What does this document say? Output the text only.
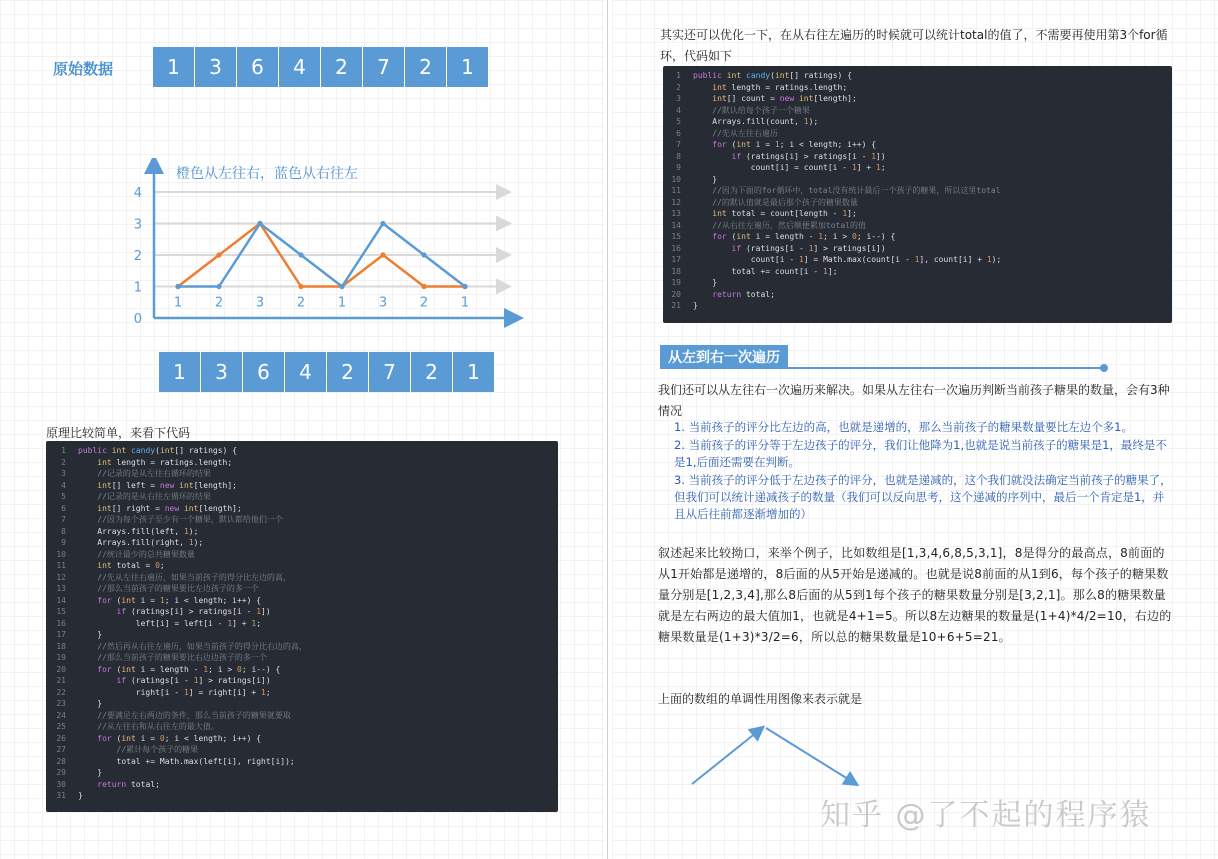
原始数据	1	3	6	4	2	7	2	1
0
1
2
3
4
1	2	3	2	1	3	2	1
橙色从左往右，蓝色从右往左
1	3	6	4	2	7	2	1
原理比较简单，来看下代码
1 public int candy(int[] ratings) {
2	int length = ratings.length;
3	//记录的是从左往右循环的结果
4	int[] left = new int[length];
5	//记录的是从右往左循环的结果
6	int[] right = new int[length];
7	//因为每个孩子至少有一个糖果，默认都给他们一个
8 Arrays.fill(left, 1);
9 Arrays.fill(right, 1);
10	//统计最少的总共糖果数量
11	int total = 0;
12	//先从左往右遍历，如果当前孩子的得分比左边的高，
13	//那么当前孩子的糖果要比左边孩子的多一个
14	for (int i = 1; i < length; i++) {
15	if (ratings[i] > ratings[i - 1])
16 left[i] = left[i - 1] + 1;
17 }
18	//然后再从右往左遍历，如果当前孩子的得分比右边的高，
19	//那么当前孩子的糖果要比右边边孩子的多一个
20	for (int i = length - 1; i > 0; i--) {
21	if (ratings[i - 1] > ratings[i])
22 right[i - 1] = right[i] + 1;
23 }
24	//要满足左右两边的条件，那么当前孩子的糖果就要取
25	//从左往右和从右往左的最大值。
26	for (int i = 0; i < length; i++) {
27	//累计每个孩子的糖果
28 total += Math.max(left[i], right[i]);
29 }
30	return total;
31 }
其实还可以优化一下，在从右往左遍历的时候就可以统计total的值了，不需要再使用第3个for循环，代码如下
1 public int candy(int[] ratings) {
2	int length = ratings.length;
3	int[] count = new int[length];
4	//默认给每个孩子一个糖果
5 Arrays.fill(count, 1);
6	//先从左往右遍历
7	for (int i = 1; i < length; i++) {
8	if (ratings[i] > ratings[i - 1])
9 count[i] = count[i - 1] + 1;
10 }
11	//因为下面的for循环中，total没有统计最后一个孩子的糖果，所以这里total
12	//的默认值就是最后那个孩子的糖果数量
13	int total = count[length - 1];
14	//从右往左遍历，然后顺便累加total的值
15	for (int i = length - 1; i > 0; i--) {
16	if (ratings[i - 1] > ratings[i])
17 count[i - 1] = Math.max(count[i - 1], count[i] + 1);
18 total += count[i - 1];
19 }
20	return total;
21 }
从左到右一次遍历
我们还可以从左往右一次遍历来解决。如果从左往右一次遍历判断当前孩子糖果的数量，会有3种情况
1. 当前孩子的评分比左边的高，也就是递增的，那么当前孩子的糖果数量要比左边个多1。
2. 当前孩子的评分等于左边孩子的评分，我们让他降为1,也就是说当前孩子的糖果是1，最终是不是1,后面还需要在判断。
3. 当前孩子的评分低于左边孩子的评分，也就是递减的，这个我们就没法确定当前孩子的糖果了，但我们可以统计递减孩子的数量（我们可以反向思考，这个递减的序列中，最后一个肯定是1，并且从后往前都逐渐增加的）
叙述起来比较拗口，来举个例子，比如数组是[1,3,4,6,8,5,3,1]，8是得分的最高点，8前面的从1开始都是递增的，8后面的从5开始是递减的。也就是说8前面的从1到6，每个孩子的糖果数量分别是[1,2,3,4],那么8后面的从5到1每个孩子的糖果数量分别是[3,2,1]。那么8的糖果数量就是左右两边的最大值加1，也就是4+1=5。所以8左边糖果的数量是(1+4)*4/2=10，右边的糖果数量是(1+3)*3/2=6，所以总的糖果数量是10+6+5=21。
上面的数组的单调性用图像来表示就是
知乎 @了不起的程序猿
